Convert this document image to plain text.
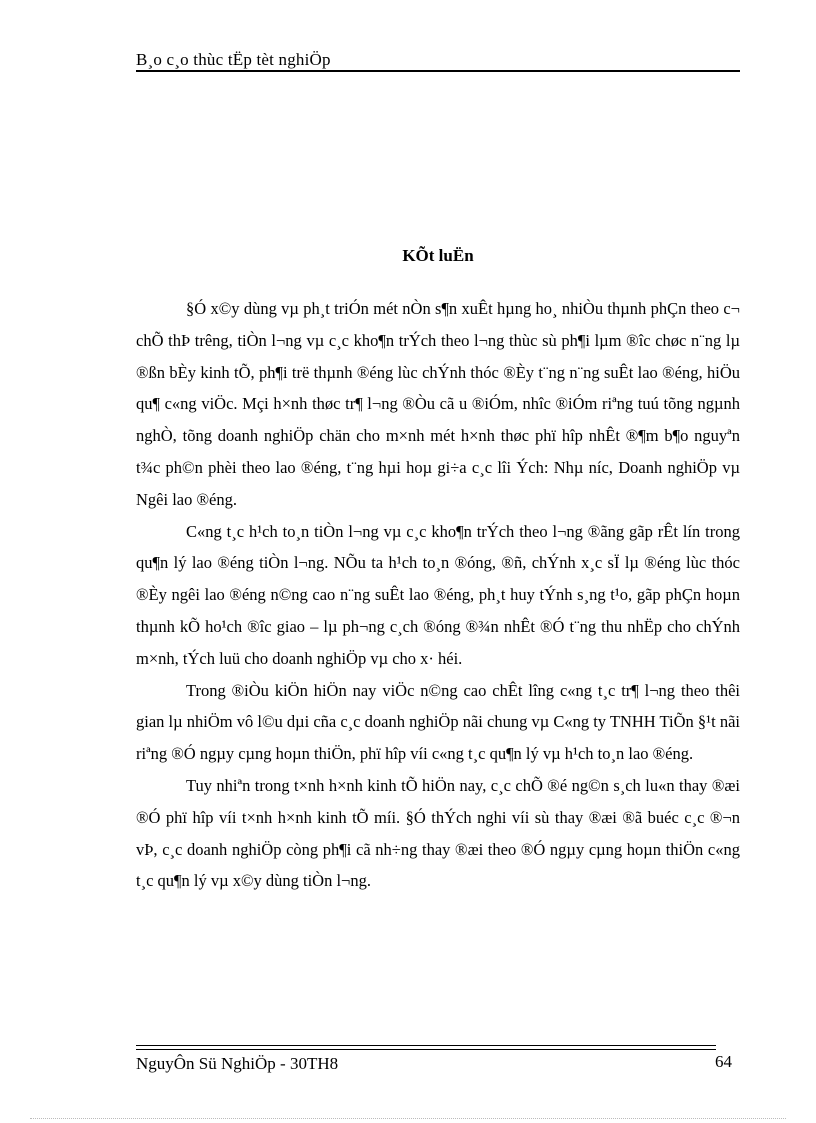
B¸o c¸o thùc tËp tèt nghiÖp
KÕt luËn

§Ó x©y dùng vµ ph¸t triÓn mét nÒn s¶n xuÊt hµng ho¸ nhiÒu thµnh phÇn theo c¬ chÕ thÞ trêng, tiÒn l¬ng vµ c¸c kho¶n trÝch theo l¬ng thùc sù ph¶i lµm ®îc chøc n¨ng lµ ®ßn bÈy kinh tÕ, ph¶i trë thµnh ®éng lùc chÝnh thóc ®Èy t¨ng n¨ng suÊt lao ®éng, hiÖu qu¶ c«ng viÖc. Mçi h×nh thøc tr¶ l¬ng ®Òu cã u ®iÓm, nhîc ®iÓm riªng tuú tõng ngµnh nghÒ, tõng doanh nghiÖp chän cho m×nh mét h×nh thøc phï hîp nhÊt ®¶m b¶o nguyªn t¾c ph©n phèi theo lao ®éng, t¨ng hµi hoµ gi÷a c¸c lîi Ých: Nhµ níc, Doanh nghiÖp vµ Ngêi lao ®éng.

C«ng t¸c h¹ch to¸n tiÒn l¬ng vµ c¸c kho¶n trÝch theo l¬ng ®ãng gãp rÊt lín trong qu¶n lý lao ®éng tiÒn l¬ng. NÕu ta h¹ch to¸n ®óng, ®ñ, chÝnh x¸c sÏ lµ ®éng lùc thóc ®Èy ngêi lao ®éng n©ng cao n¨ng suÊt lao ®éng, ph¸t huy tÝnh s¸ng t¹o, gãp phÇn hoµn thµnh kÕ ho¹ch ®îc giao – lµ ph¬ng c¸ch ®óng ®¾n nhÊt ®Ó t¨ng thu nhËp cho chÝnh m×nh, tÝch luü cho doanh nghiÖp vµ cho x· héi.

Trong ®iÒu kiÖn hiÖn nay viÖc n©ng cao chÊt lîng c«ng t¸c tr¶ l¬ng theo thêi gian lµ nhiÖm vô l©u dµi cña c¸c doanh nghiÖp nãi chung vµ C«ng ty TNHH TiÕn §¹t nãi riªng ®Ó ngµy cµng hoµn thiÖn, phï hîp víi c«ng t¸c qu¶n lý vµ h¹ch to¸n lao ®éng.

Tuy nhiªn trong t×nh h×nh kinh tÕ hiÖn nay, c¸c chÕ ®é ng©n s¸ch lu«n thay ®æi ®Ó phï hîp víi t×nh h×nh kinh tÕ míi. §Ó thÝch nghi víi sù thay ®æi ®ã buéc c¸c ®¬n vÞ, c¸c doanh nghiÖp còng ph¶i cã nh÷ng thay ®æi theo ®Ó ngµy cµng hoµn thiÖn c«ng t¸c qu¶n lý vµ x©y dùng tiÒn l¬ng.

NguyÔn Sü NghiÖp - 30TH8	64
